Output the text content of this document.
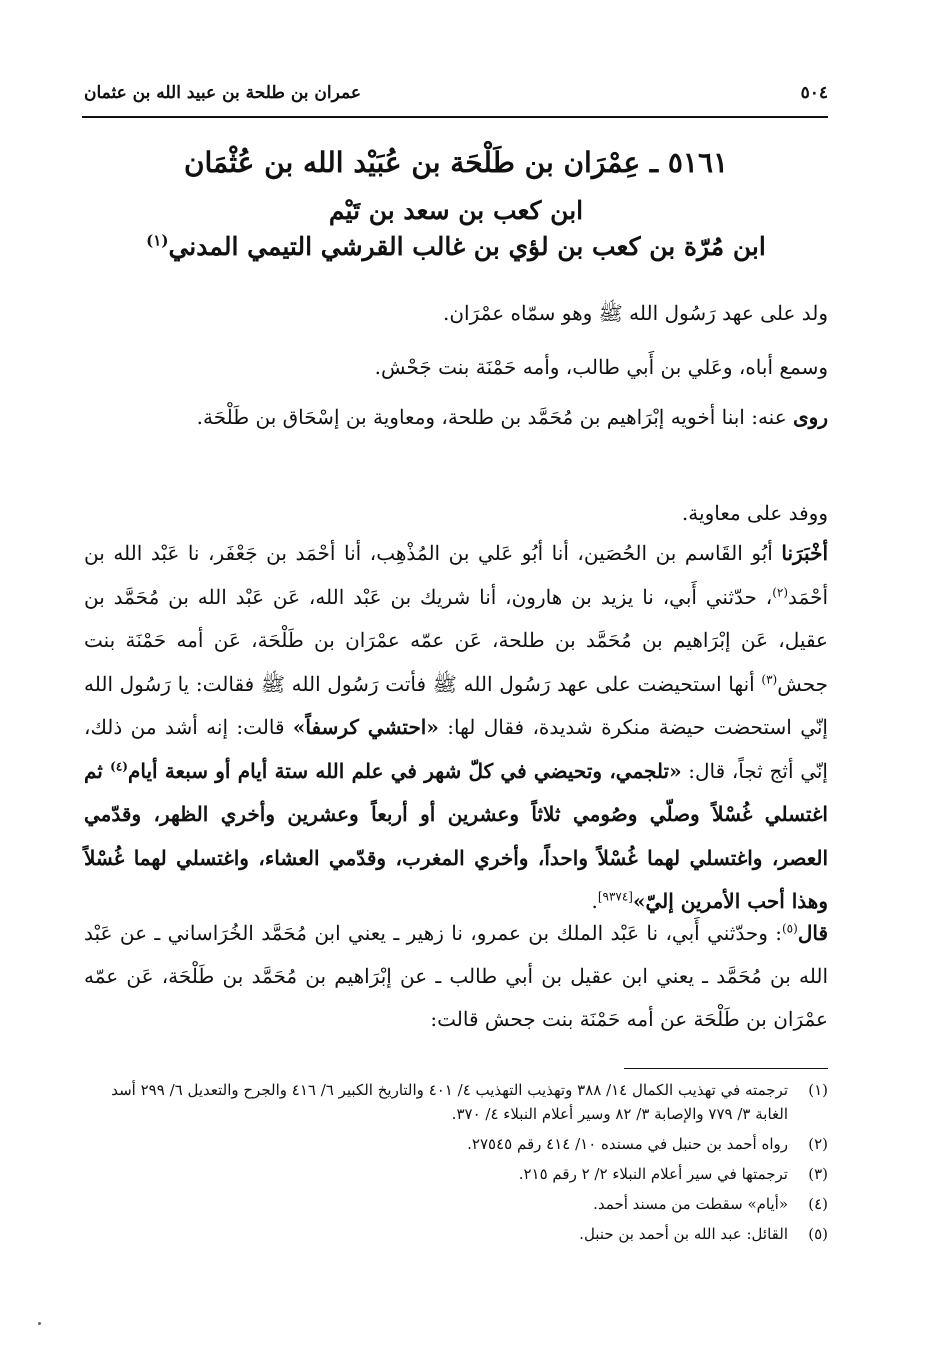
٥٠٤
عمران بن طلحة بن عبيد الله بن عثمان
٥١٦١ ـ عِمْرَان بن طَلْحَة بن عُبَيْد الله بن عُثْمَان
ابن كعب بن سعد بن تَيْم
ابن مُرّة بن كعب بن لؤي بن غالب القرشي التيمي المدني$^{(١)}$
ولد على عهد رَسُول الله ﷺ وهو سمّاه عمْرَان.
وسمع أباه، وعَلي بن أَبي طالب، وأمه حَمْنَة بنت جَحْش.
روى عنه: ابنا أخويه إبْرَاهيم بن مُحَمَّد بن طلحة، ومعاوية بن إسْحَاق بن طَلْحَة.
ووفد على معاوية.
أخْبَرَنا أبُو القَاسم بن الحُصَين، أنا أبُو عَلي بن المُذْهِب، أنا أحْمَد بن جَعْفَر، نا عَبْد الله بن أحْمَد$^{(٢)}$، حدّثني أَبي، نا يزيد بن هارون، أنا شريك بن عَبْد الله، عَن عَبْد الله بن مُحَمَّد بن عقيل، عَن إبْرَاهيم بن مُحَمَّد بن طلحة، عَن عمّه عمْرَان بن طَلْحَة، عَن أمه حَمْنَة بنت جحش$^{(٣)}$ أنها استحيضت على عهد رَسُول الله ﷺ فأتت رَسُول الله ﷺ فقالت: يا رَسُول الله إنّي استحضت حيضة منكرة شديدة، فقال لها: «احتشي كرسفاً» قالت: إنه أشد من ذلك، إنّي أثج ثجاً، قال: «تلجمي، وتحيضي في كلّ شهر في علم الله ستة أيام أو سبعة أيام$^{(٤)}$ ثم اغتسلي غُسْلاً وصلّي وصُومي ثلاثاً وعشرين أو أربعاً وعشرين وأخري الظهر، وقدّمي العصر، واغتسلي لهما غُسْلاً واحداً، وأخري المغرب، وقدّمي العشاء، واغتسلي لهما غُسْلاً وهذا أحب الأمرين إليّ»[٩٣٧٤].
قال$^{(٥)}$: وحدّثني أَبي، نا عَبْد الملك بن عمرو، نا زهير ـ يعني ابن مُحَمَّد الخُرَاساني ـ عن عَبْد الله بن مُحَمَّد ـ يعني ابن عقيل بن أبي طالب ـ عن إبْرَاهيم بن مُحَمَّد بن طَلْحَة، عَن عمّه عمْرَان بن طَلْحَة عن أمه حَمْنَة بنت جحش قالت:
(١)
ترجمته في تهذيب الكمال ١٤/ ٣٨٨ وتهذيب التهذيب ٤/ ٤٠١ والتاريخ الكبير ٦/ ٤١٦ والجرح والتعديل ٦/ ٢٩٩ أسد الغابة ٣/ ٧٧٩ والإصابة ٣/ ٨٢ وسير أعلام النبلاء ٤/ ٣٧٠.
(٢)
رواه أحمد بن حنبل في مسنده ١٠/ ٤١٤ رقم ٢٧٥٤٥.
(٣)
ترجمتها في سير أعلام النبلاء ٢/ ٢ رقم ٢١٥.
(٤)
«أيام» سقطت من مسند أحمد.
(٥)
القائل: عبد الله بن أحمد بن حنبل.
